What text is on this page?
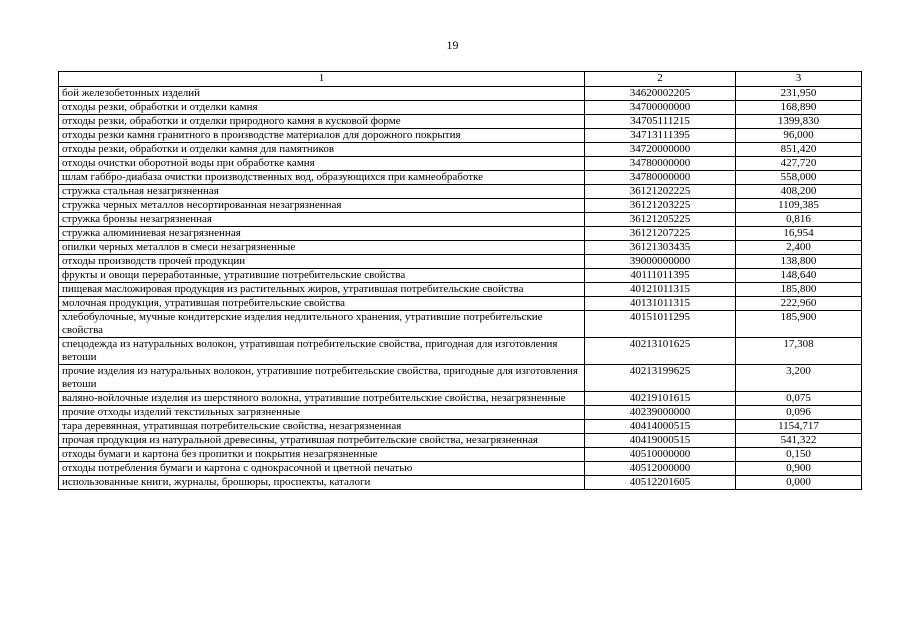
19
1	2	3
бой железобетонных изделий	34620002205	231,950
отходы резки, обработки и отделки камня	34700000000	168,890
отходы резки, обработки и отделки природного камня в кусковой форме	34705111215	1399,830
отходы резки камня гранитного в производстве материалов для дорожного покрытия	34713111395	96,000
отходы резки, обработки и отделки камня для памятников	34720000000	851,420
отходы очистки оборотной воды при обработке камня	34780000000	427,720
шлам габбро-диабаза очистки производственных вод, образующихся при камнеобработке	34780000000	558,000
стружка стальная незагрязненная	36121202225	408,200
стружка черных металлов несортированная незагрязненная	36121203225	1109,385
стружка бронзы незагрязненная	36121205225	0,816
стружка алюминиевая незагрязненная	36121207225	16,954
опилки черных металлов в смеси незагрязненные	36121303435	2,400
отходы производств прочей продукции	39000000000	138,800
фрукты и овощи переработанные, утратившие потребительские свойства	40111011395	148,640
пищевая масложировая продукция из растительных жиров, утратившая потребительские свойства	40121011315	185,800
молочная продукция, утратившая потребительские свойства	40131011315	222,960
хлебобулочные, мучные кондитерские изделия недлительного хранения, утратившие потребительские свойства	40151011295	185,900
спецодежда из натуральных волокон, утратившая потребительские свойства, пригодная для изготовления ветоши	40213101625	17,308
прочие изделия из натуральных волокон, утратившие потребительские свойства, пригодные для изготовления ветоши	40213199625	3,200
валяно-войлочные изделия из шерстяного волокна, утратившие потребительские свойства, незагрязненные	40219101615	0,075
прочие отходы изделий текстильных загрязненные	40239000000	0,096
тара деревянная, утратившая потребительские свойства, незагрязненная	40414000515	1154,717
прочая продукция из натуральной древесины, утратившая потребительские свойства, незагрязненная	40419000515	541,322
отходы бумаги и картона без пропитки и покрытия незагрязненные	40510000000	0,150
отходы потребления бумаги и картона с однокрасочной и цветной печатью	40512000000	0,900
использованные книги, журналы, брошюры, проспекты, каталоги	40512201605	0,000
